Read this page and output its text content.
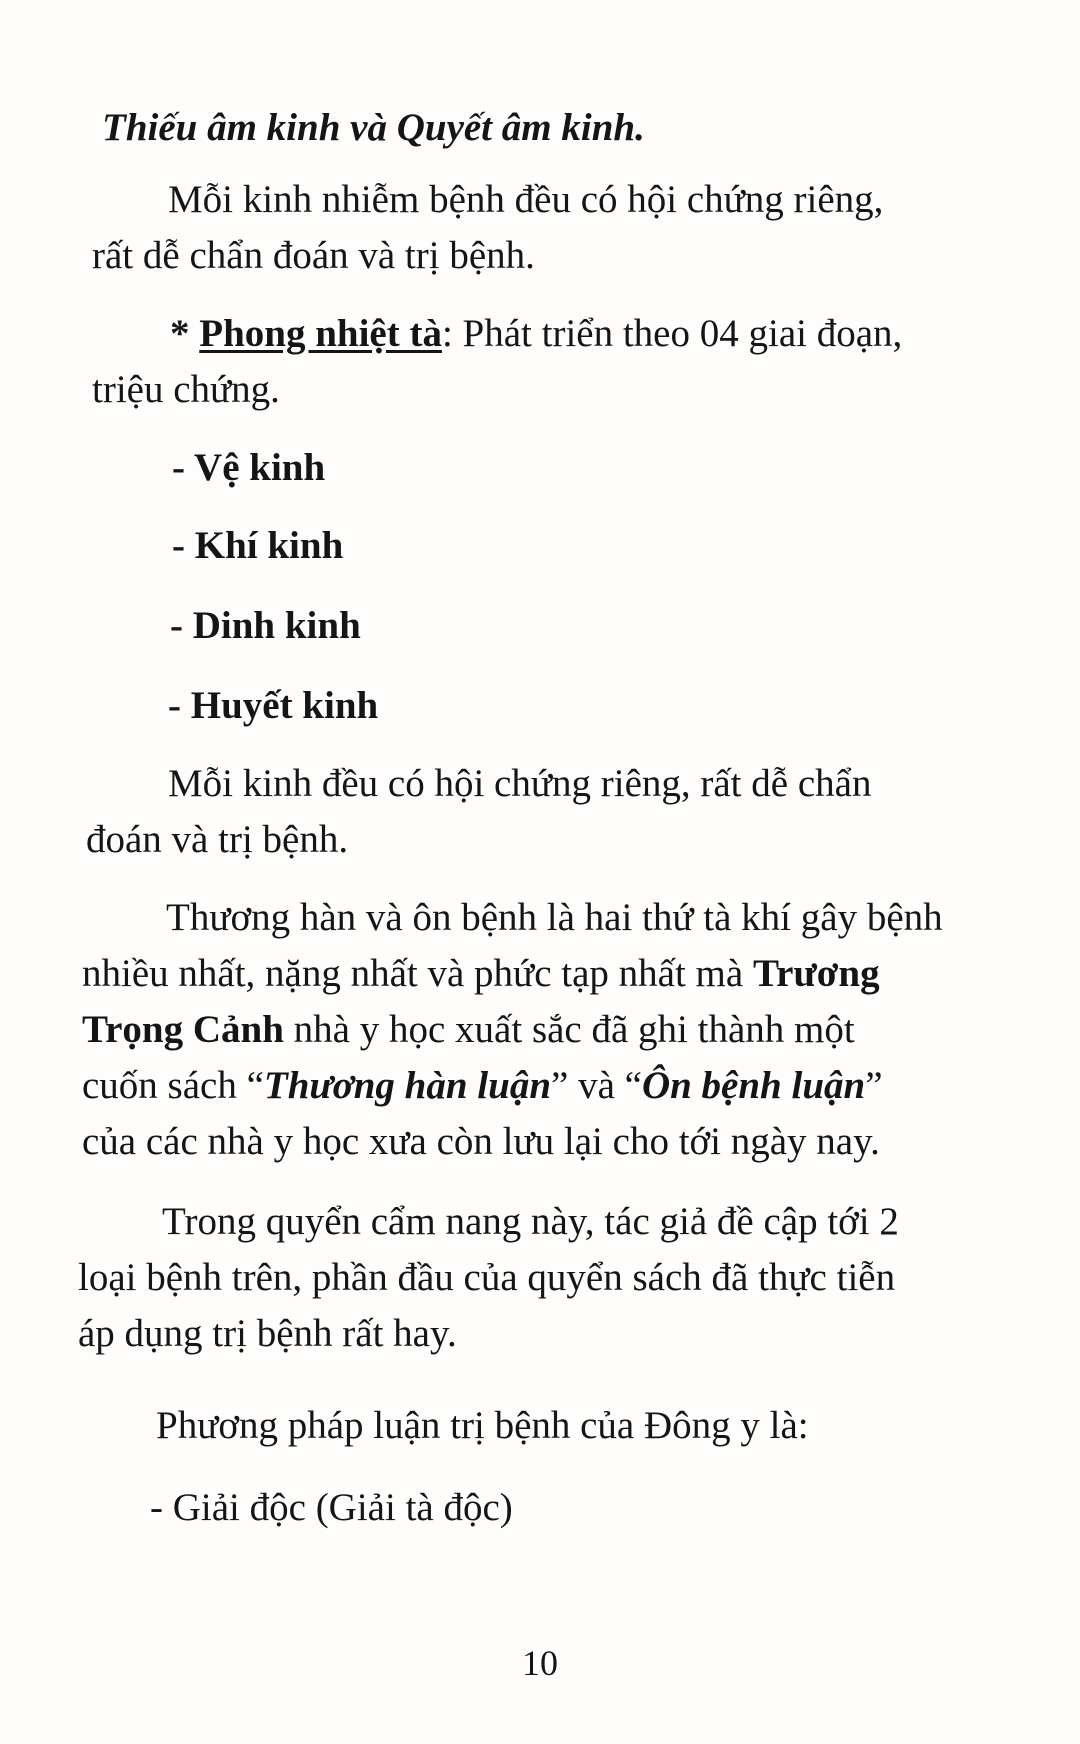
Thiếu âm kinh và Quyết âm kinh.
Mỗi kinh nhiễm bệnh đều có hội chứng riêng,
rất dễ chẩn đoán và trị bệnh.
* Phong nhiệt tà: Phát triển theo 04 giai đoạn,
triệu chứng.
- Vệ kinh
- Khí kinh
- Dinh kinh
- Huyết kinh
Mỗi kinh đều có hội chứng riêng, rất dễ chẩn
đoán và trị bệnh.
Thương hàn và ôn bệnh là hai thứ tà khí gây bệnh
nhiều nhất, nặng nhất và phức tạp nhất mà Trương
Trọng Cảnh nhà y học xuất sắc đã ghi thành một
cuốn sách “Thương hàn luận” và “Ôn bệnh luận”
của các nhà y học xưa còn lưu lại cho tới ngày nay.
Trong quyển cẩm nang này, tác giả đề cập tới 2
loại bệnh trên, phần đầu của quyển sách đã thực tiễn
áp dụng trị bệnh rất hay.
Phương pháp luận trị bệnh của Đông y là:
- Giải độc (Giải tà độc)
10
